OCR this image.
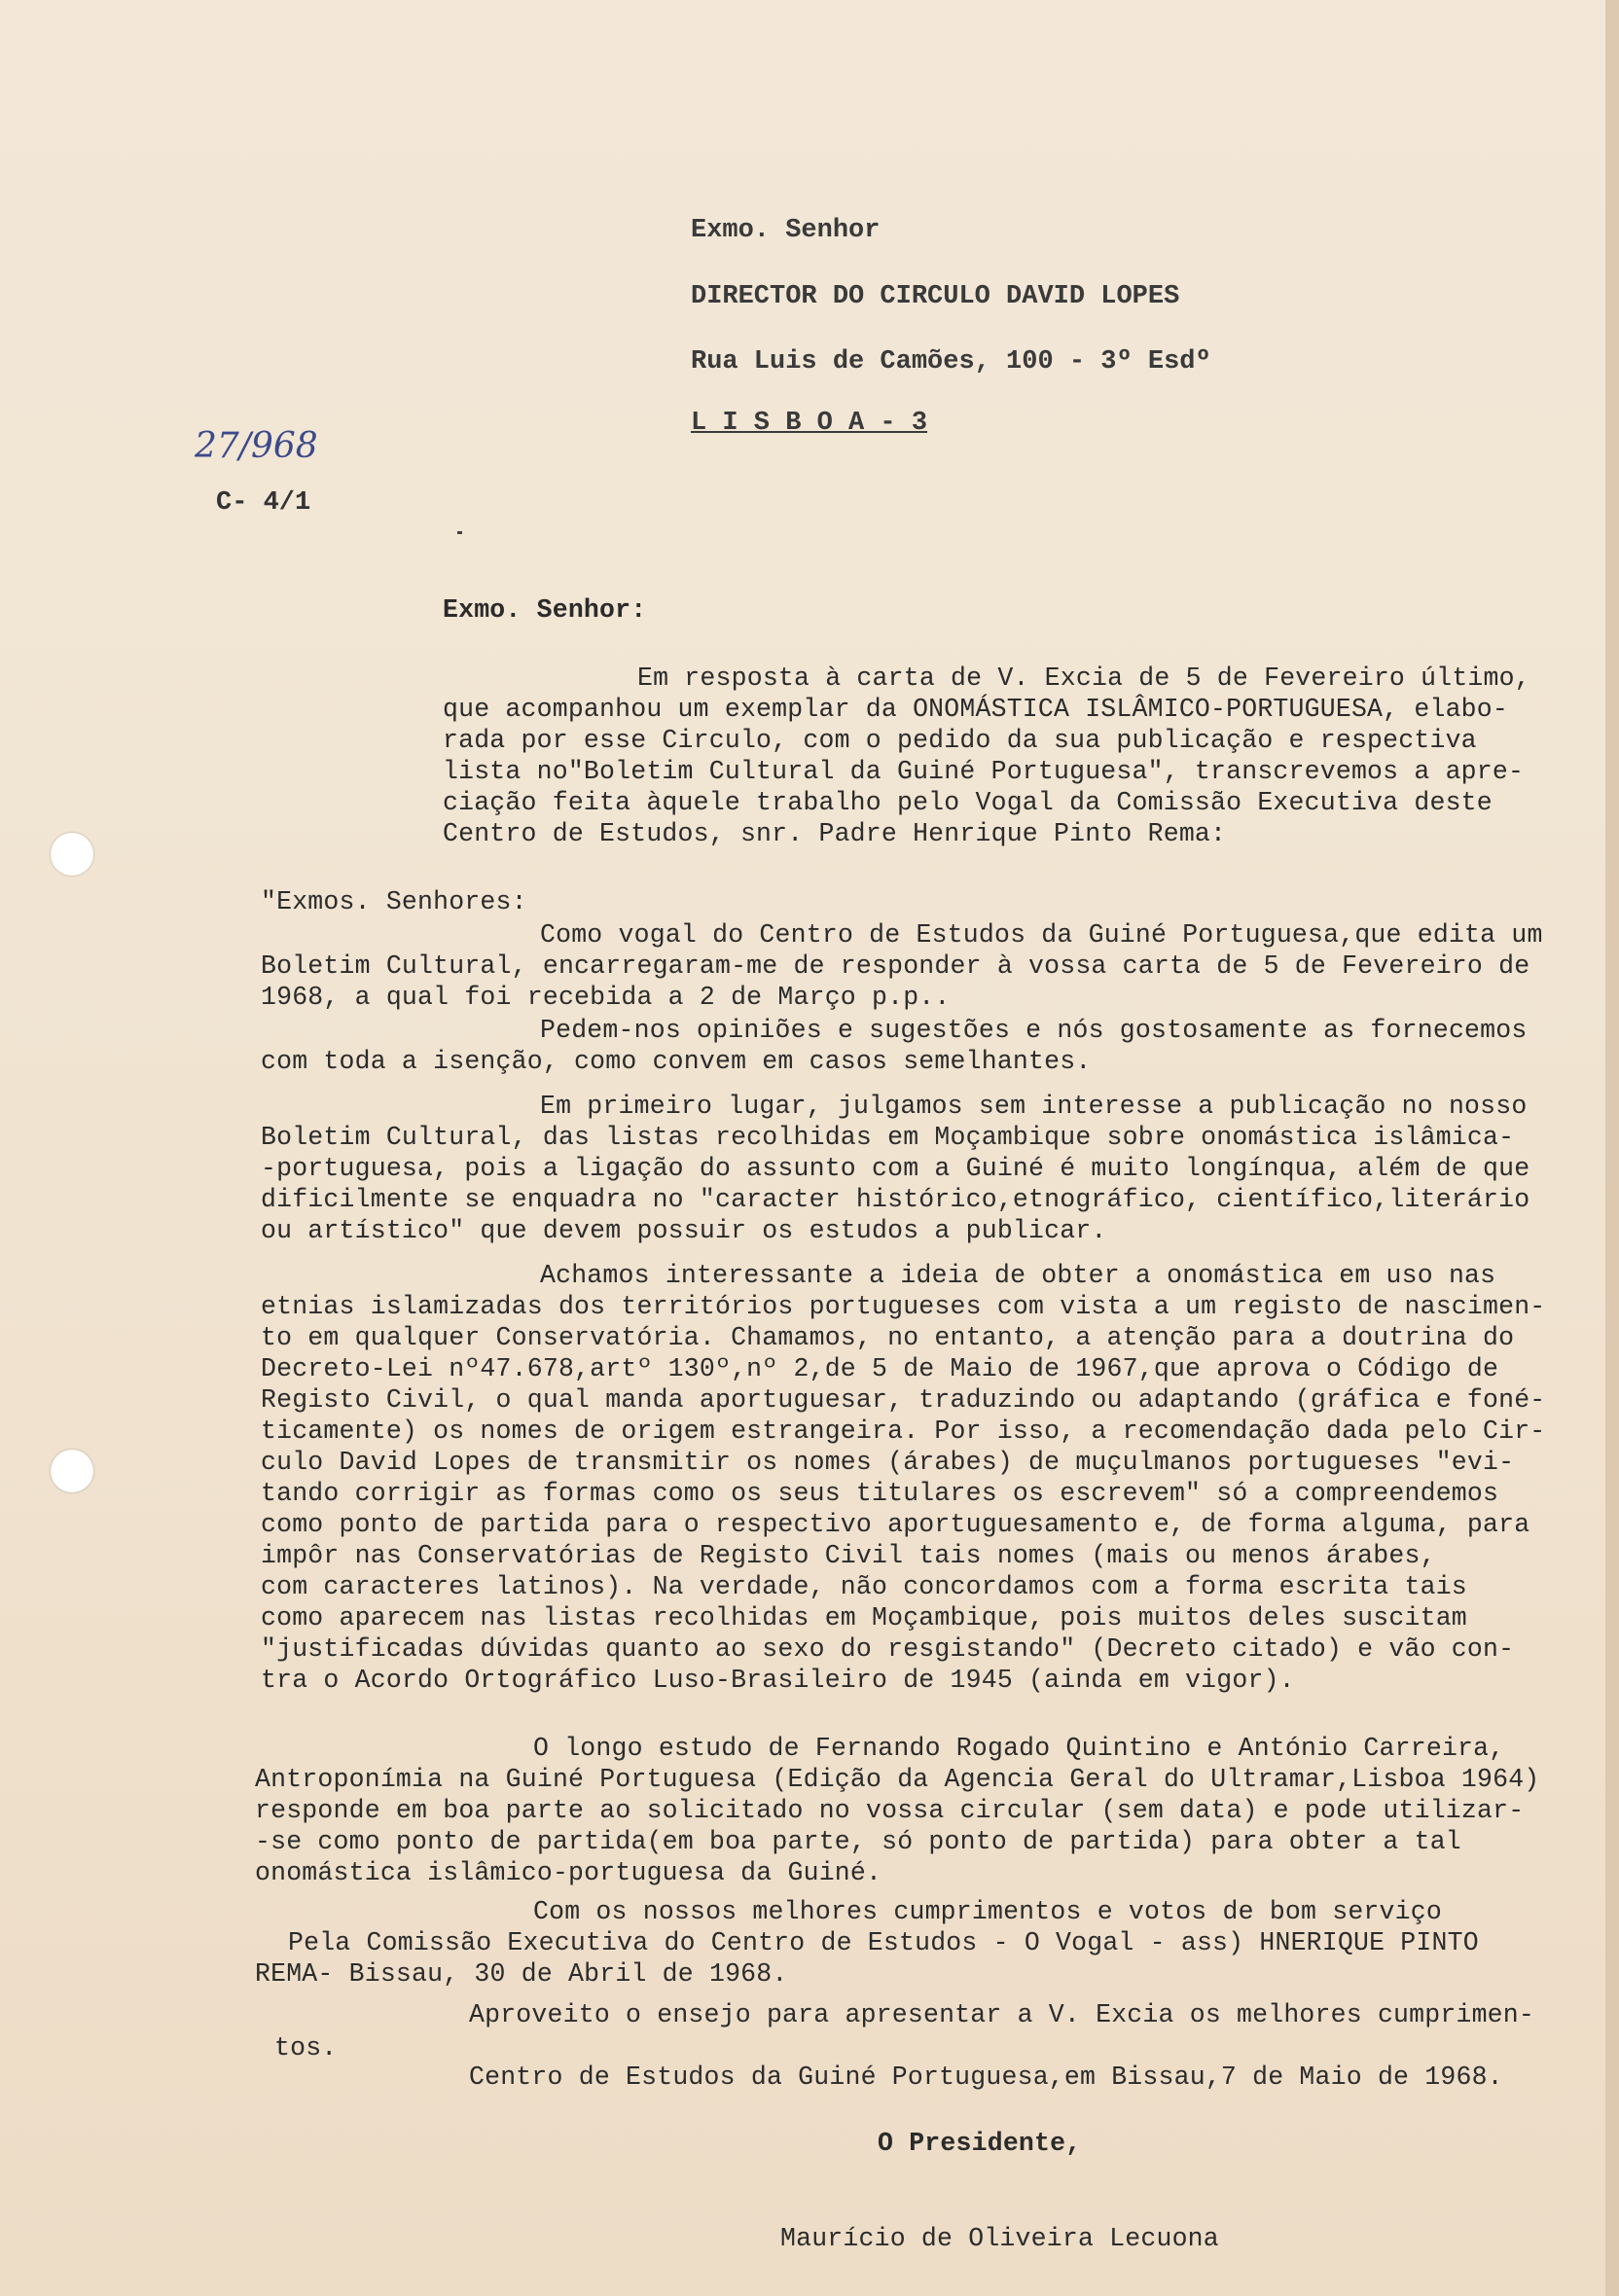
Exmo. Senhor
DIRECTOR DO CIRCULO DAVID LOPES
Rua Luis de Camões, 100 - 3º Esdº
L I S B O A - 3
27/968
C- 4/1
Exmo. Senhor:
Em resposta à carta de V. Excia de 5 de Fevereiro último,
que acompanhou um exemplar da ONOMÁSTICA ISLÂMICO-PORTUGUESA, elabo-
rada por esse Circulo, com o pedido da sua publicação e respectiva
lista no"Boletim Cultural da Guiné Portuguesa", transcrevemos a apre-
ciação feita àquele trabalho pelo Vogal da Comissão Executiva deste
Centro de Estudos, snr. Padre Henrique Pinto Rema:
"Exmos. Senhores:
Como vogal do Centro de Estudos da Guiné Portuguesa,que edita um
Boletim Cultural, encarregaram-me de responder à vossa carta de 5 de Fevereiro de
1968, a qual foi recebida a 2 de Março p.p..
Pedem-nos opiniões e sugestões e nós gostosamente as fornecemos
com toda a isenção, como convem em casos semelhantes.
Em primeiro lugar, julgamos sem interesse a publicação no nosso
Boletim Cultural, das listas recolhidas em Moçambique sobre onomástica islâmica-
-portuguesa, pois a ligação do assunto com a Guiné é muito longínqua, além de que
dificilmente se enquadra no "caracter histórico,etnográfico, científico,literário
ou artístico" que devem possuir os estudos a publicar.
Achamos interessante a ideia de obter a onomástica em uso nas
etnias islamizadas dos territórios portugueses com vista a um registo de nascimen-
to em qualquer Conservatória. Chamamos, no entanto, a atenção para a doutrina do
Decreto-Lei nº47.678,artº 130º,nº 2,de 5 de Maio de 1967,que aprova o Código de
Registo Civil, o qual manda aportuguesar, traduzindo ou adaptando (gráfica e foné-
ticamente) os nomes de origem estrangeira. Por isso, a recomendação dada pelo Cir-
culo David Lopes de transmitir os nomes (árabes) de muçulmanos portugueses "evi-
tando corrigir as formas como os seus titulares os escrevem" só a compreendemos
como ponto de partida para o respectivo aportuguesamento e, de forma alguma, para
impôr nas Conservatórias de Registo Civil tais nomes (mais ou menos árabes,
com caracteres latinos). Na verdade, não concordamos com a forma escrita tais
como aparecem nas listas recolhidas em Moçambique, pois muitos deles suscitam
"justificadas dúvidas quanto ao sexo do resgistando" (Decreto citado) e vão con-
tra o Acordo Ortográfico Luso-Brasileiro de 1945 (ainda em vigor).
O longo estudo de Fernando Rogado Quintino e António Carreira,
Antroponímia na Guiné Portuguesa (Edição da Agencia Geral do Ultramar,Lisboa 1964)
responde em boa parte ao solicitado no vossa circular (sem data) e pode utilizar-
-se como ponto de partida(em boa parte, só ponto de partida) para obter a tal
onomástica islâmico-portuguesa da Guiné.
Com os nossos melhores cumprimentos e votos de bom serviço
Pela Comissão Executiva do Centro de Estudos - O Vogal - ass) HNERIQUE PINTO
REMA- Bissau, 30 de Abril de 1968.
Aproveito o ensejo para apresentar a V. Excia os melhores cumprimen-
tos.
Centro de Estudos da Guiné Portuguesa,em Bissau,7 de Maio de 1968.
O Presidente,
Maurício de Oliveira Lecuona
